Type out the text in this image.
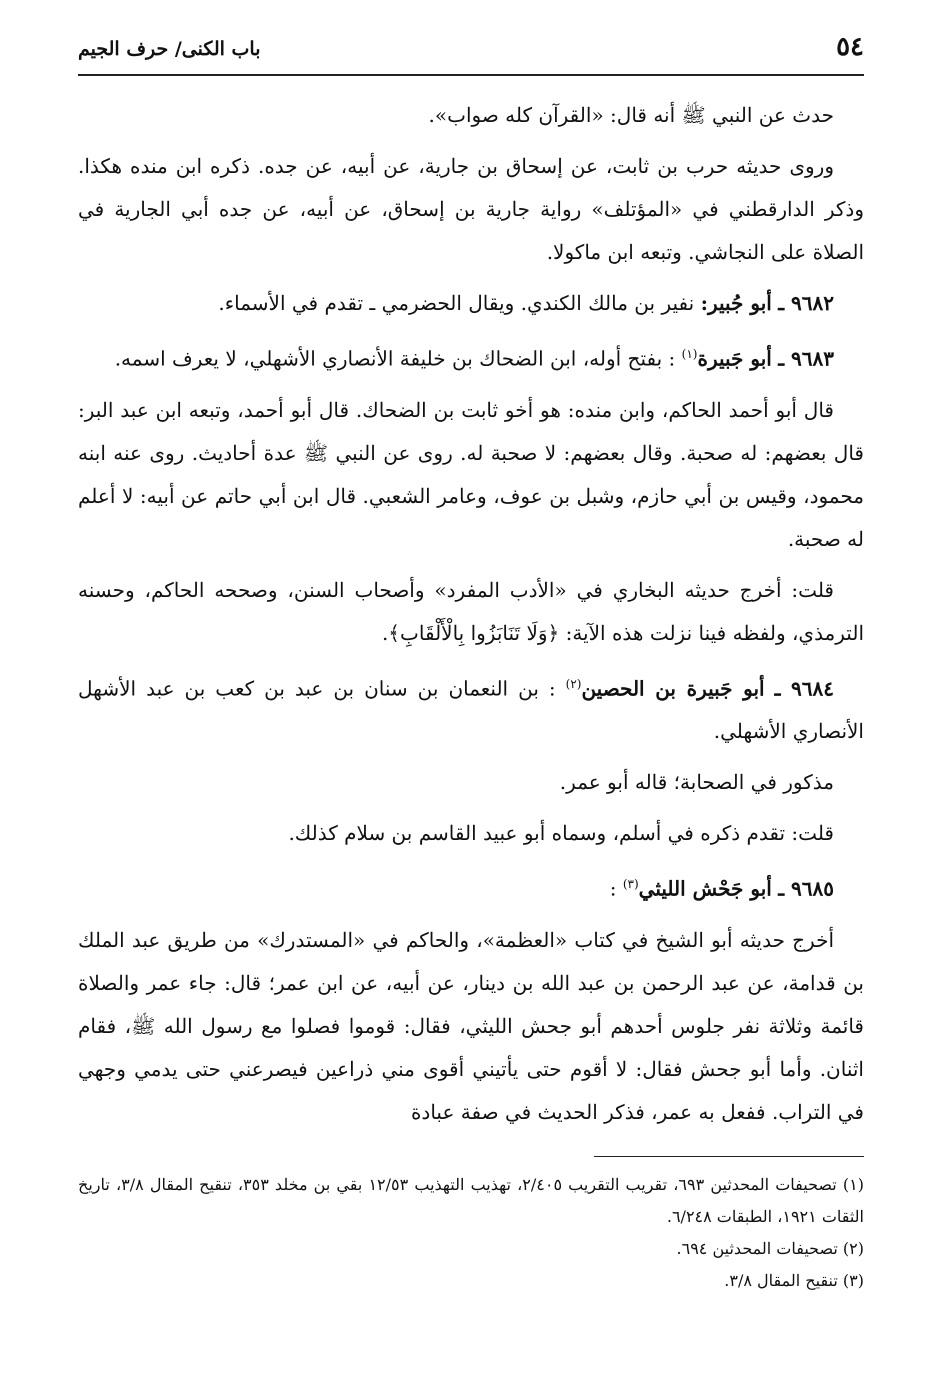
٥٤
باب الكنى/ حرف الجيم

حدث عن النبي ﷺ أنه قال: «القرآن كله صواب».

وروى حديثه حرب بن ثابت، عن إسحاق بن جارية، عن أبيه، عن جده. ذكره ابن منده هكذا. وذكر الدارقطني في «المؤتلف» رواية جارية بن إسحاق، عن أبيه، عن جده أبي الجارية في الصلاة على النجاشي. وتبعه ابن ماكولا.

٩٦٨٢ ـ أبو جُبير: نفير بن مالك الكندي. ويقال الحضرمي ـ تقدم في الأسماء.

٩٦٨٣ ـ أبو جَبيرة$^{(١)}$ : بفتح أوله، ابن الضحاك بن خليفة الأنصاري الأشهلي، لا يعرف اسمه.

قال أبو أحمد الحاكم، وابن منده: هو أخو ثابت بن الضحاك. قال أبو أحمد، وتبعه ابن عبد البر: قال بعضهم: له صحبة. وقال بعضهم: لا صحبة له. روى عن النبي ﷺ عدة أحاديث. روى عنه ابنه محمود، وقيس بن أبي حازم، وشبل بن عوف، وعامر الشعبي. قال ابن أبي حاتم عن أبيه: لا أعلم له صحبة.

قلت: أخرج حديثه البخاري في «الأدب المفرد» وأصحاب السنن، وصححه الحاكم، وحسنه الترمذي، ولفظه فينا نزلت هذه الآية: ﴿وَلَا تَنَابَزُوا بِالْأَلْقَابِ﴾.

٩٦٨٤ ـ أبو جَبيرة بن الحصين$^{(٢)}$ : بن النعمان بن سنان بن عبد بن كعب بن عبد الأشهل الأنصاري الأشهلي.

مذكور في الصحابة؛ قاله أبو عمر.

قلت: تقدم ذكره في أسلم، وسماه أبو عبيد القاسم بن سلام كذلك.

٩٦٨٥ ـ أبو جَحْش الليثي$^{(٣)}$ :

أخرج حديثه أبو الشيخ في كتاب «العظمة»، والحاكم في «المستدرك» من طريق عبد الملك بن قدامة، عن عبد الرحمن بن عبد الله بن دينار، عن أبيه، عن ابن عمر؛ قال: جاء عمر والصلاة قائمة وثلاثة نفر جلوس أحدهم أبو جحش الليثي، فقال: قوموا فصلوا مع رسول الله ﷺ، فقام اثنان. وأما أبو جحش فقال: لا أقوم حتى يأتيني أقوى مني ذراعين فيصرعني حتى يدمي وجهي في التراب. ففعل به عمر، فذكر الحديث في صفة عبادة

(١) تصحيفات المحدثين ٦٩٣، تقريب التقريب ٢/٤٠٥، تهذيب التهذيب ١٢/٥٣ بقي بن مخلد ٣٥٣، تنقيح المقال ٣/٨، تاريخ الثقات ١٩٢١، الطبقات ٦/٢٤٨.

(٢) تصحيفات المحدثين ٦٩٤.

(٣) تنقيح المقال ٣/٨.
